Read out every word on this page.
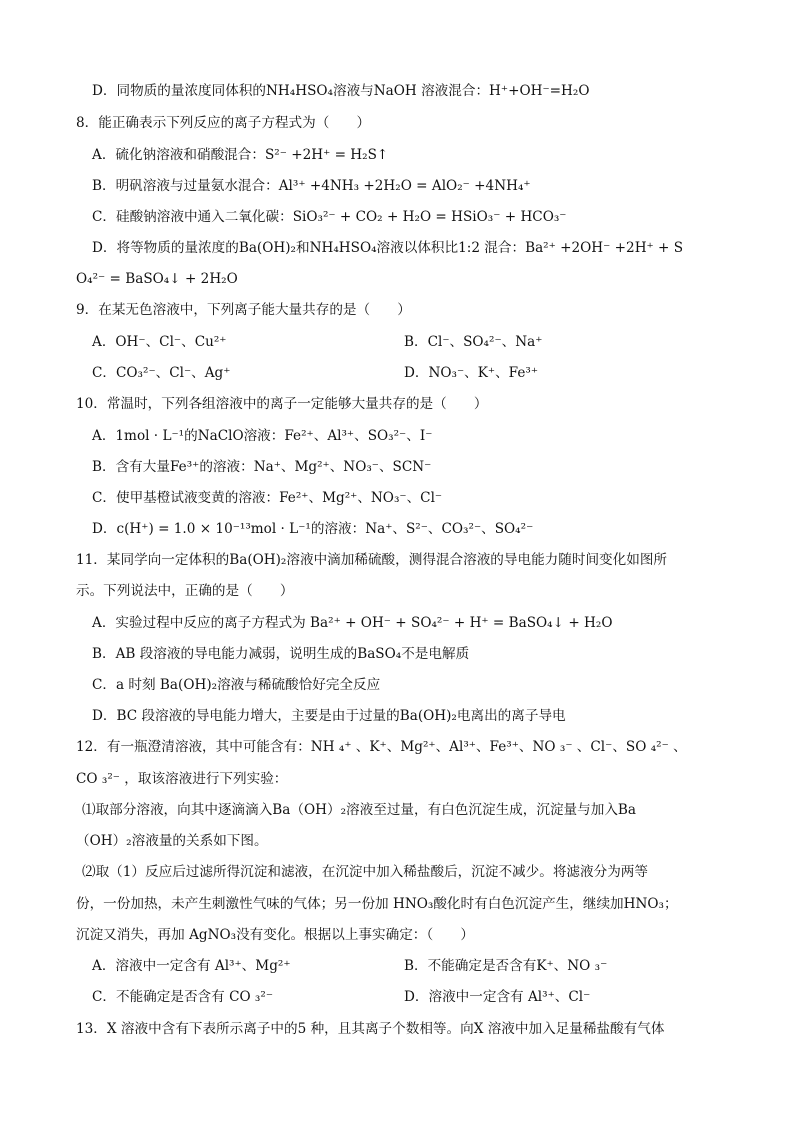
D．同物质的量浓度同体积的NH₄HSO₄溶液与NaOH 溶液混合：H⁺+OH⁻=H₂O
8．能正确表示下列反应的离子方程式为（　　）
A．硫化钠溶液和硝酸混合：S²⁻ +2H⁺ = H₂S↑
B．明矾溶液与过量氨水混合：Al³⁺ +4NH₃ +2H₂O = AlO₂⁻ +4NH₄⁺
C．硅酸钠溶液中通入二氧化碳：SiO₃²⁻ + CO₂ + H₂O = HSiO₃⁻ + HCO₃⁻
D．将等物质的量浓度的Ba(OH)₂和NH₄HSO₄溶液以体积比1:2 混合：Ba²⁺ +2OH⁻ +2H⁺ + S
O₄²⁻ = BaSO₄↓ + 2H₂O
9．在某无色溶液中，下列离子能大量共存的是（　　）
A．OH⁻、Cl⁻、Cu²⁺	B．Cl⁻、SO₄²⁻、Na⁺
C．CO₃²⁻、Cl⁻、Ag⁺	D．NO₃⁻、K⁺、Fe³⁺
10．常温时，下列各组溶液中的离子一定能够大量共存的是（　　）
A．1mol · L⁻¹的NaClO溶液：Fe²⁺、Al³⁺、SO₃²⁻、I⁻
B．含有大量Fe³⁺的溶液：Na⁺、Mg²⁺、NO₃⁻、SCN⁻
C．使甲基橙试液变黄的溶液：Fe²⁺、Mg²⁺、NO₃⁻、Cl⁻
D．c(H⁺) = 1.0 × 10⁻¹³mol · L⁻¹的溶液：Na⁺、S²⁻、CO₃²⁻、SO₄²⁻
11．某同学向一定体积的Ba(OH)₂溶液中滴加稀硫酸，测得混合溶液的导电能力随时间变化如图所
示。下列说法中，正确的是（　　）
A．实验过程中反应的离子方程式为 Ba²⁺ + OH⁻ + SO₄²⁻ + H⁺ = BaSO₄↓ + H₂O
B．AB 段溶液的导电能力减弱，说明生成的BaSO₄不是电解质
C．a 时刻 Ba(OH)₂溶液与稀硫酸恰好完全反应
D．BC 段溶液的导电能力增大，主要是由于过量的Ba(OH)₂电离出的离子导电
12．有一瓶澄清溶液，其中可能含有：NH ₄⁺ 、K⁺、Mg²⁺、Al³⁺、Fe³⁺、NO ₃⁻ 、Cl⁻、SO ₄²⁻ 、
CO ₃²⁻ ，取该溶液进行下列实验：
⑴取部分溶液，向其中逐滴滴入Ba（OH）₂溶液至过量，有白色沉淀生成，沉淀量与加入Ba
（OH）₂溶液量的关系如下图。
⑵取（1）反应后过滤所得沉淀和滤液，在沉淀中加入稀盐酸后，沉淀不减少。将滤液分为两等
份，一份加热，未产生刺激性气味的气体；另一份加 HNO₃酸化时有白色沉淀产生，继续加HNO₃；
沉淀又消失，再加 AgNO₃没有变化。根据以上事实确定：（　　）
A．溶液中一定含有 Al³⁺、Mg²⁺	B．不能确定是否含有K⁺、NO ₃⁻
C．不能确定是否含有 CO ₃²⁻	D．溶液中一定含有 Al³⁺、Cl⁻
13．X 溶液中含有下表所示离子中的5 种，且其离子个数相等。向X 溶液中加入足量稀盐酸有气体
